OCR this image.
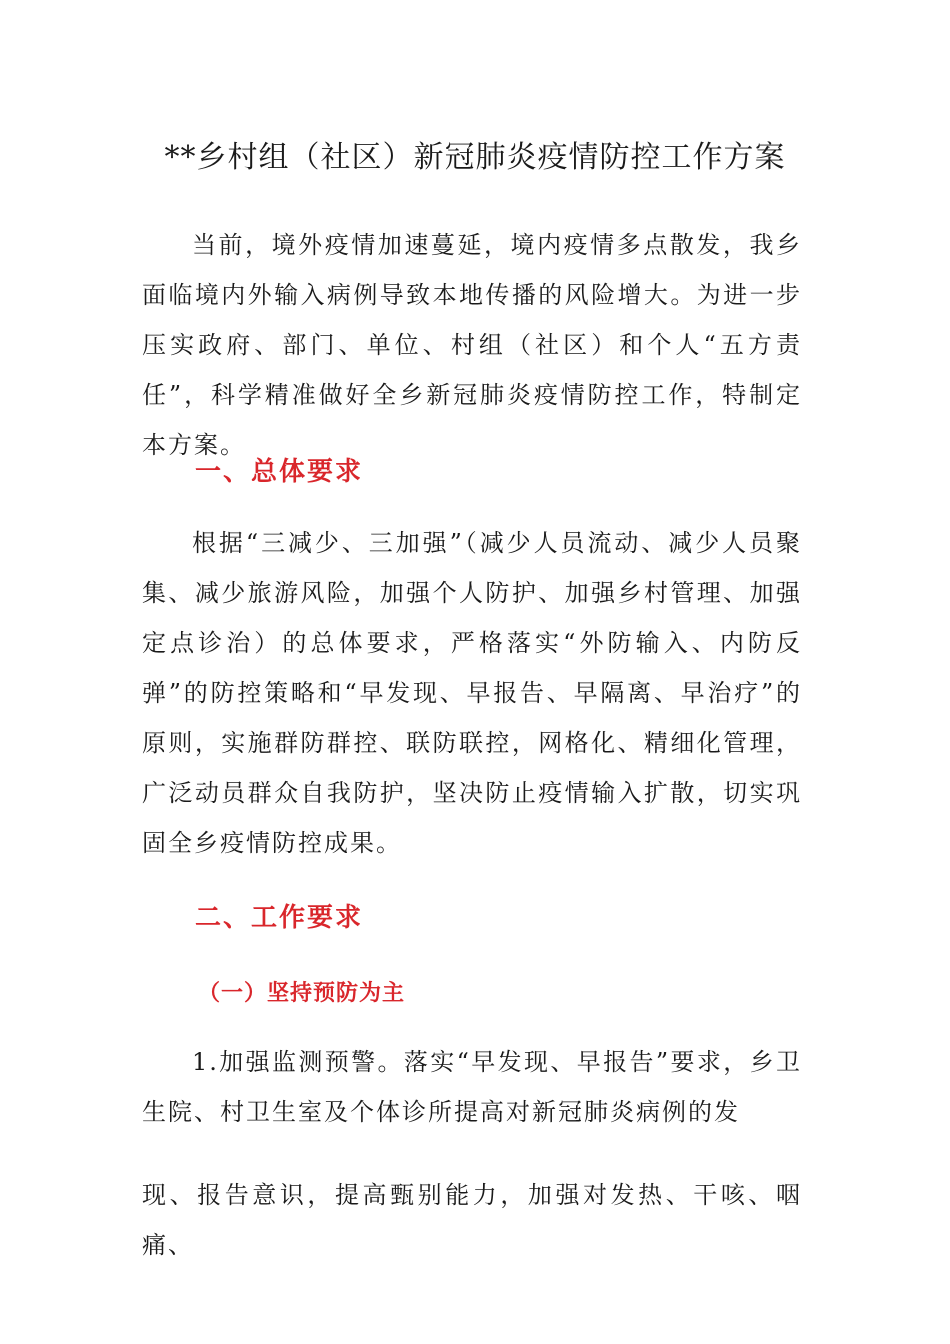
**乡村组（社区）新冠肺炎疫情防控工作方案

当前，境外疫情加速蔓延，境内疫情多点散发，我乡面临境内外输入病例导致本地传播的风险增大。为进一步压实政府、部门、单位、村组（社区）和个人“五方责任”，科学精准做好全乡新冠肺炎疫情防控工作，特制定本方案。

一、总体要求

根据“三减少、三加强”（减少人员流动、减少人员聚集、减少旅游风险，加强个人防护、加强乡村管理、加强定点诊治）的总体要求，严格落实“外防输入、内防反弹”的防控策略和“早发现、早报告、早隔离、早治疗”的原则，实施群防群控、联防联控，网格化、精细化管理，广泛动员群众自我防护，坚决防止疫情输入扩散，切实巩固全乡疫情防控成果。

二、工作要求
（一）坚持预防为主

1.加强监测预警。落实“早发现、早报告”要求，乡卫生院、村卫生室及个体诊所提高对新冠肺炎病例的发

现、报告意识，提高甄别能力，加强对发热、干咳、咽痛、
